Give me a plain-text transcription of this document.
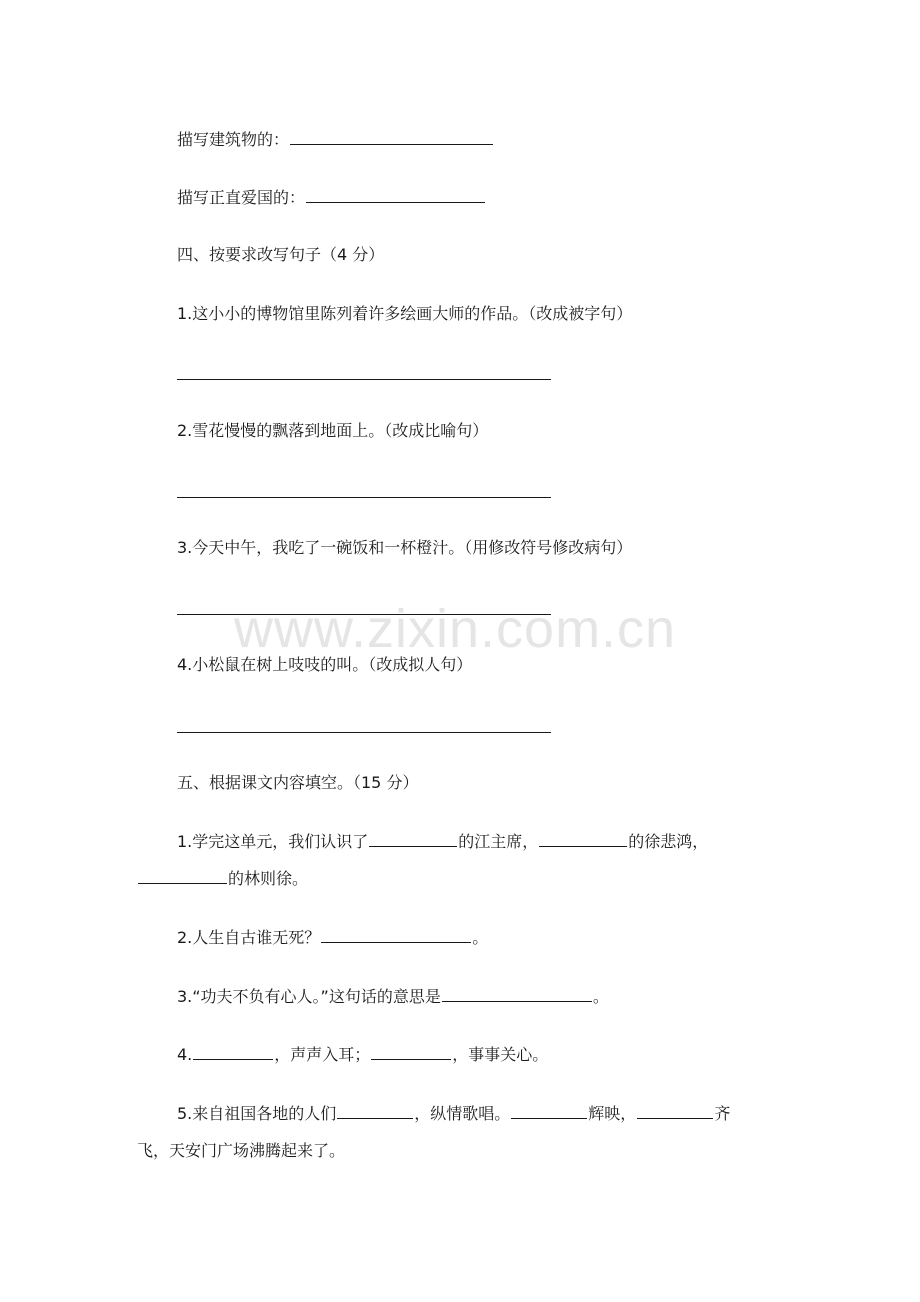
描写建筑物的：
描写正直爱国的：
四、按要求改写句子（4 分）
1.这小小的博物馆里陈列着许多绘画大师的作品。（改成被字句）
2.雪花慢慢的飘落到地面上。（改成比喻句）
3.今天中午，我吃了一碗饭和一杯橙汁。（用修改符号修改病句）
4.小松鼠在树上吱吱的叫。（改成拟人句）
五、根据课文内容填空。（15 分）
1.学完这单元，我们认识了	的江主席，	的徐悲鸿，
的林则徐。
2.人生自古谁无死？	。
3.“功夫不负有心人。”这句话的意思是	。
4.	，声声入耳；	，事事关心。
5.来自祖国各地的人们	，纵情歌唱。	辉映，	齐
飞，天安门广场沸腾起来了。
www.zixin.com.cn
